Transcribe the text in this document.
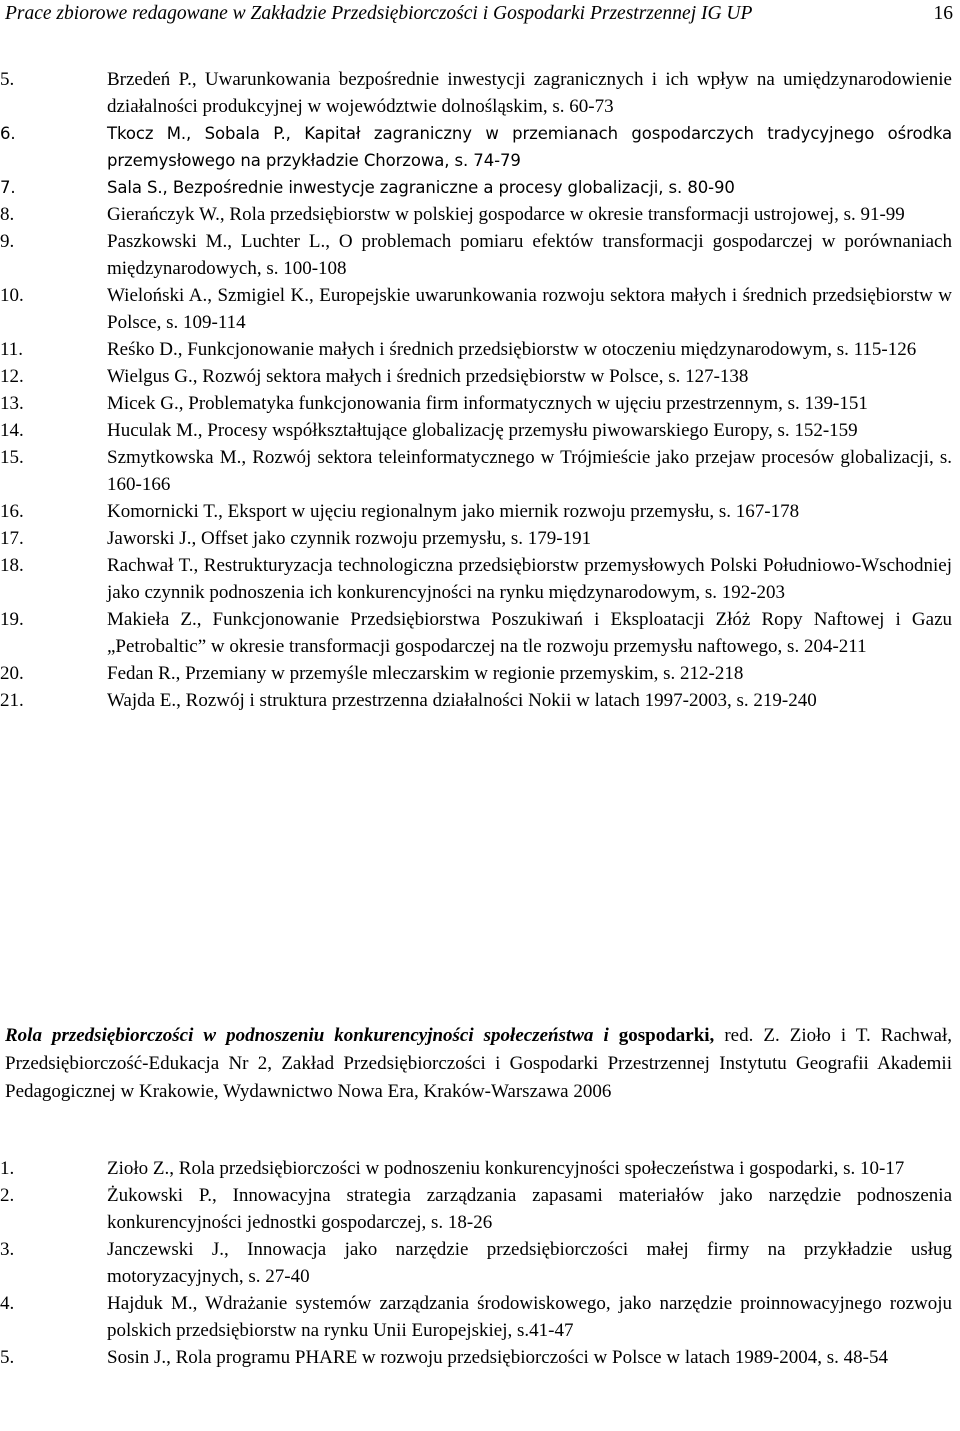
Prace zbiorowe redagowane w Zakładzie Przedsiębiorczości i Gospodarki Przestrzennej IG UP	16
5.	Brzedeń P., Uwarunkowania bezpośrednie inwestycji zagranicznych i ich wpływ na umiędzynarodowienie działalności produkcyjnej w województwie dolnośląskim, s. 60-73
6.	Tkocz M., Sobala P., Kapitał zagraniczny w przemianach gospodarczych tradycyjnego ośrodka przemysłowego na przykładzie Chorzowa, s. 74-79
7.	Sala S., Bezpośrednie inwestycje zagraniczne a procesy globalizacji, s. 80-90
8.	Gierańczyk W., Rola przedsiębiorstw w polskiej gospodarce w okresie transformacji ustrojowej, s. 91-99
9.	Paszkowski M., Luchter L., O problemach pomiaru efektów transformacji gospodarczej w porównaniach międzynarodowych, s. 100-108
10.	Wieloński A., Szmigiel K., Europejskie uwarunkowania rozwoju sektora małych i średnich przedsiębiorstw w Polsce, s. 109-114
11.	Reśko D., Funkcjonowanie małych i średnich przedsiębiorstw w otoczeniu międzynarodowym, s. 115-126
12.	Wielgus G., Rozwój sektora małych i średnich przedsiębiorstw w Polsce, s. 127-138
13.	Micek G., Problematyka funkcjonowania firm informatycznych w ujęciu przestrzennym, s. 139-151
14.	Huculak M., Procesy współkształtujące globalizację przemysłu piwowarskiego Europy, s. 152-159
15.	Szmytkowska M., Rozwój sektora teleinformatycznego w Trójmieście jako przejaw procesów globalizacji, s. 160-166
16.	Komornicki T., Eksport w ujęciu regionalnym jako miernik rozwoju przemysłu, s. 167-178
17.	Jaworski J., Offset jako czynnik rozwoju przemysłu, s. 179-191
18.	Rachwał T., Restrukturyzacja technologiczna przedsiębiorstw przemysłowych Polski Południowo-Wschodniej jako czynnik podnoszenia ich konkurencyjności na rynku międzynarodowym, s. 192-203
19.	Makieła Z., Funkcjonowanie Przedsiębiorstwa Poszukiwań i Eksploatacji Złóż Ropy Naftowej i Gazu „Petrobaltic” w okresie transformacji gospodarczej na tle rozwoju przemysłu naftowego, s. 204-211
20.	Fedan R., Przemiany w przemyśle mleczarskim w regionie przemyskim, s. 212-218
21.	Wajda E., Rozwój i struktura przestrzenna działalności Nokii w latach 1997-2003, s. 219-240
Rola przedsiębiorczości w podnoszeniu konkurencyjności społeczeństwa i gospodarki, red. Z. Zioło i T. Rachwał, Przedsiębiorczość-Edukacja Nr 2, Zakład Przedsiębiorczości i Gospodarki Przestrzennej Instytutu Geografii Akademii Pedagogicznej w Krakowie, Wydawnictwo Nowa Era, Kraków-Warszawa 2006
1.	Zioło Z., Rola przedsiębiorczości w podnoszeniu konkurencyjności społeczeństwa i gospodarki, s. 10-17
2.	Żukowski P., Innowacyjna strategia zarządzania zapasami materiałów jako narzędzie podnoszenia konkurencyjności jednostki gospodarczej, s. 18-26
3.	Janczewski J., Innowacja jako narzędzie przedsiębiorczości małej firmy na przykładzie usług motoryzacyjnych, s. 27-40
4.	Hajduk M., Wdrażanie systemów zarządzania środowiskowego, jako narzędzie proinnowacyjnego rozwoju polskich przedsiębiorstw na rynku Unii Europejskiej, s.41-47
5.	Sosin J., Rola programu PHARE w rozwoju przedsiębiorczości w Polsce w latach 1989-2004, s. 48-54
